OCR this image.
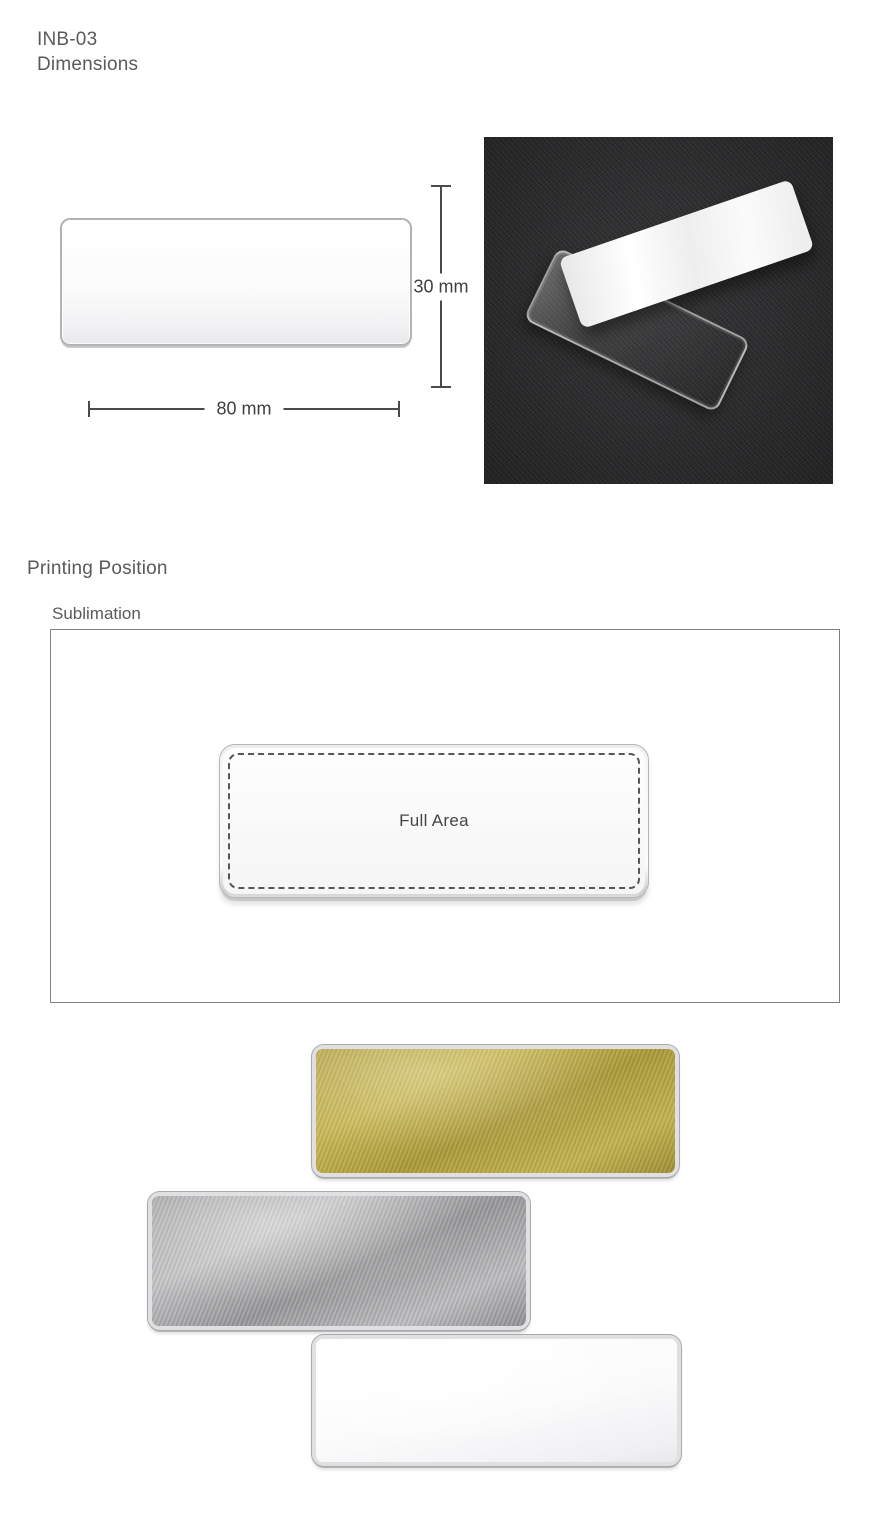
INB-03
Dimensions
30 mm
80 mm
Printing Position
Sublimation
Full Area
